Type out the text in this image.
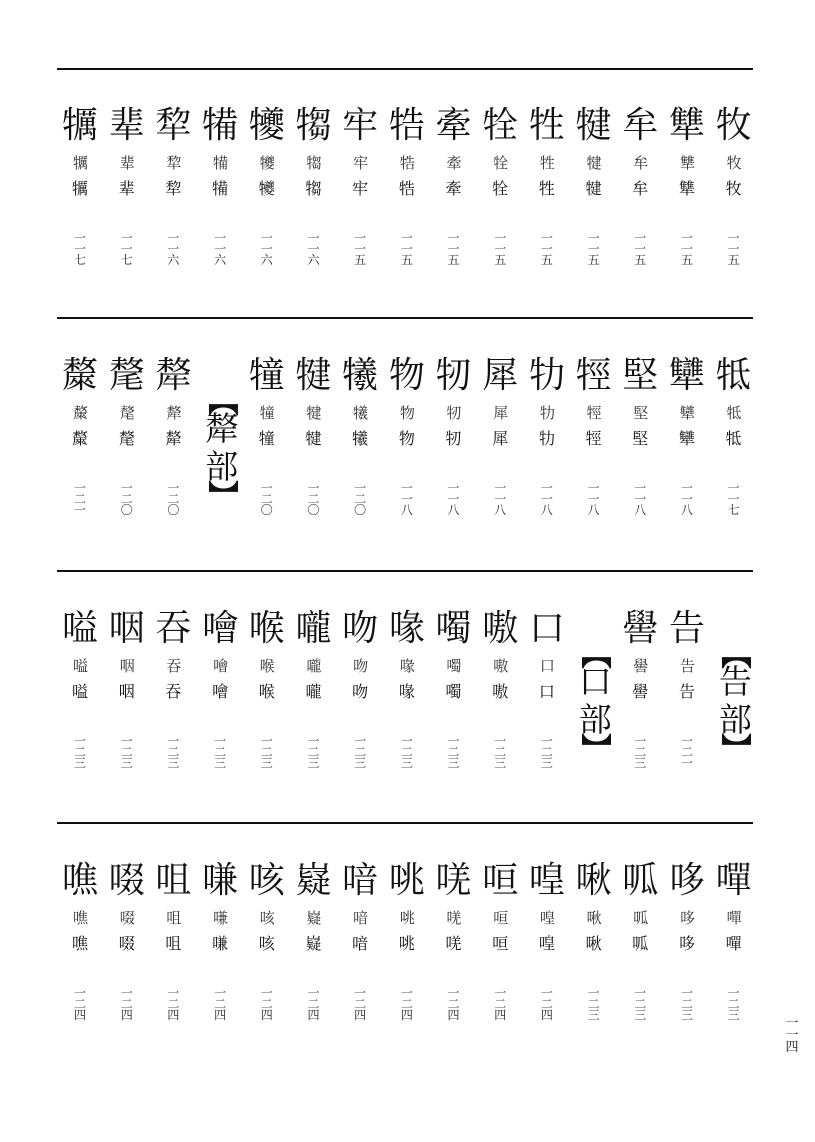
牧
牧
牧
一
一
五
犨
犨
犨
一
一
五
牟
牟
牟
一
一
五
犍
犍
犍
一
一
五
牲
牲
牲
一
一
五
牷
牷
牷
一
一
五
牽
牽
牽
一
一
五
牿
牿
牿
一
一
五
牢
牢
牢
一
一
五
犓
犓
犓
一
一
六
犪
犪
犪
一
一
六
犕
犕
犕
一
一
六
犂
犂
犂
一
一
六
辈
辈
辈
一
一
七
犡
犡
犡
一
一
七
牴
牴
牴
一
一
七
犫
犫
犫
一
一
八
堅
堅
堅
一
一
八
牼
牼
牼
一
一
八
牞
牞
牞
一
一
八
犀
犀
犀
一
一
八
牣
牣
牣
一
一
八
物
物
物
一
一
八
犧
犧
犧
一
二
〇
犍
犍
犍
一
二
〇
犝
犝
犝
一
二
〇
【
犛部
】
犛
犛
犛
一
二
〇
氂
氂
氂
一
二
〇
斄
斄
斄
一
二
一
【
告部
】
告
告
告
一
二
一
嚳
嚳
嚳
一
二
三
【
口部
】
口
口
口
一
二
三
嗷
嗷
嗷
一
二
三
噣
噣
噣
一
二
三
喙
喙
喙
一
二
三
吻
吻
吻
一
二
三
嚨
嚨
嚨
一
二
三
喉
喉
喉
一
二
三
噲
噲
噲
一
二
三
吞
吞
吞
一
二
三
咽
咽
咽
一
二
三
嗌
嗌
嗌
一
二
三
嘽
嘽
嘽
一
二
三
哆
哆
哆
一
二
三
呱
呱
呱
一
二
三
啾
啾
啾
一
二
三
喤
喤
喤
一
二
四
咺
咺
咺
一
二
四
唴
唴
唴
一
二
四
咷
咷
咷
一
二
四
喑
喑
喑
一
二
四
嶷
嶷
嶷
一
二
四
咳
咳
咳
一
二
四
嗛
嗛
嗛
一
二
四
咀
咀
咀
一
二
四
啜
啜
啜
一
二
四
噍
噍
噍
一
二
四
一
一
四
